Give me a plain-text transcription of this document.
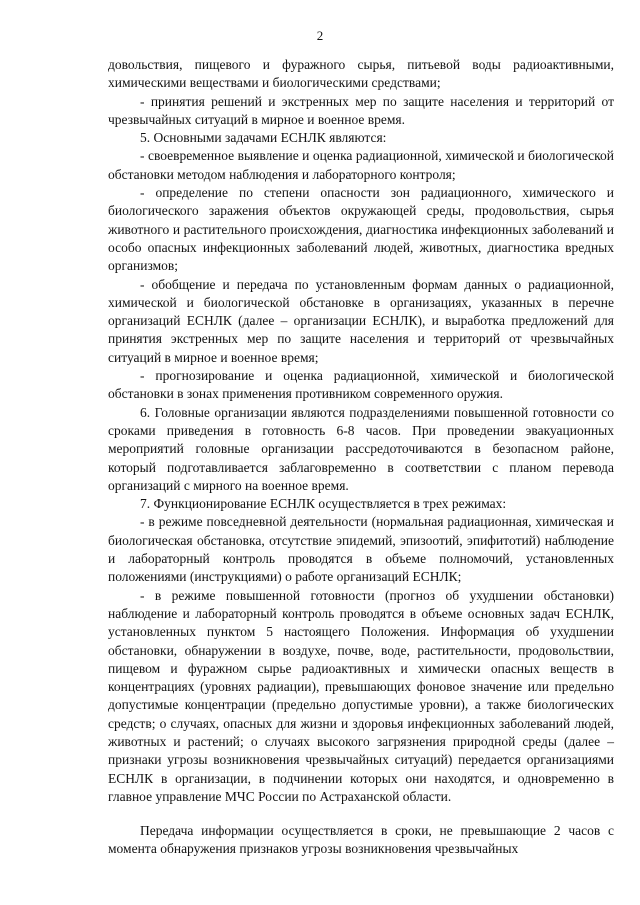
2

довольствия, пищевого и фуражного сырья, питьевой воды радиоактивными, химическими веществами и биологическими средствами;

- принятия решений и экстренных мер по защите населения и территорий от чрезвычайных ситуаций в мирное и военное время.

5. Основными задачами ЕСНЛК являются:

- своевременное выявление и оценка радиационной, химической и биологической обстановки методом наблюдения и лабораторного контроля;

- определение по степени опасности зон радиационного, химического и биологического заражения объектов окружающей среды, продовольствия, сырья животного и растительного происхождения, диагностика инфекционных заболеваний и особо опасных инфекционных заболеваний людей, животных, диагностика вредных организмов;

- обобщение и передача по установленным формам данных о радиационной, химической и биологической обстановке в организациях, указанных в перечне организаций ЕСНЛК (далее – организации ЕСНЛК), и выработка предложений для принятия экстренных мер по защите населения и территорий от чрезвычайных ситуаций в мирное и военное время;

- прогнозирование и оценка радиационной, химической и биологической обстановки в зонах применения противником современного оружия.

6. Головные организации являются подразделениями повышенной готовности со сроками приведения в готовность 6-8 часов. При проведении эвакуационных мероприятий головные организации рассредоточиваются в безопасном районе, который подготавливается заблаговременно в соответствии с планом перевода организаций с мирного на военное время.

7. Функционирование ЕСНЛК осуществляется в трех режимах:

- в режиме повседневной деятельности (нормальная радиационная, химическая и биологическая обстановка, отсутствие эпидемий, эпизоотий, эпифитотий) наблюдение и лабораторный контроль проводятся в объеме полномочий, установленных положениями (инструкциями) о работе организаций ЕСНЛК;

- в режиме повышенной готовности (прогноз об ухудшении обстановки) наблюдение и лабораторный контроль проводятся в объеме основных задач ЕСНЛК, установленных пунктом 5 настоящего Положения. Информация об ухудшении обстановки, обнаружении в воздухе, почве, воде, растительности, продовольствии, пищевом и фуражном сырье радиоактивных и химически опасных веществ в концентрациях (уровнях радиации), превышающих фоновое значение или предельно допустимые концентрации (предельно допустимые уровни), а также биологических средств; о случаях, опасных для жизни и здоровья инфекционных заболеваний людей, животных и растений; о случаях высокого загрязнения природной среды (далее – признаки угрозы возникновения чрезвычайных ситуаций) передается организациями ЕСНЛК в организации, в подчинении которых они находятся, и одновременно в главное управление МЧС России по Астраханской области.

Передача информации осуществляется в сроки, не превышающие 2 часов с момента обнаружения признаков угрозы возникновения чрезвычайных
